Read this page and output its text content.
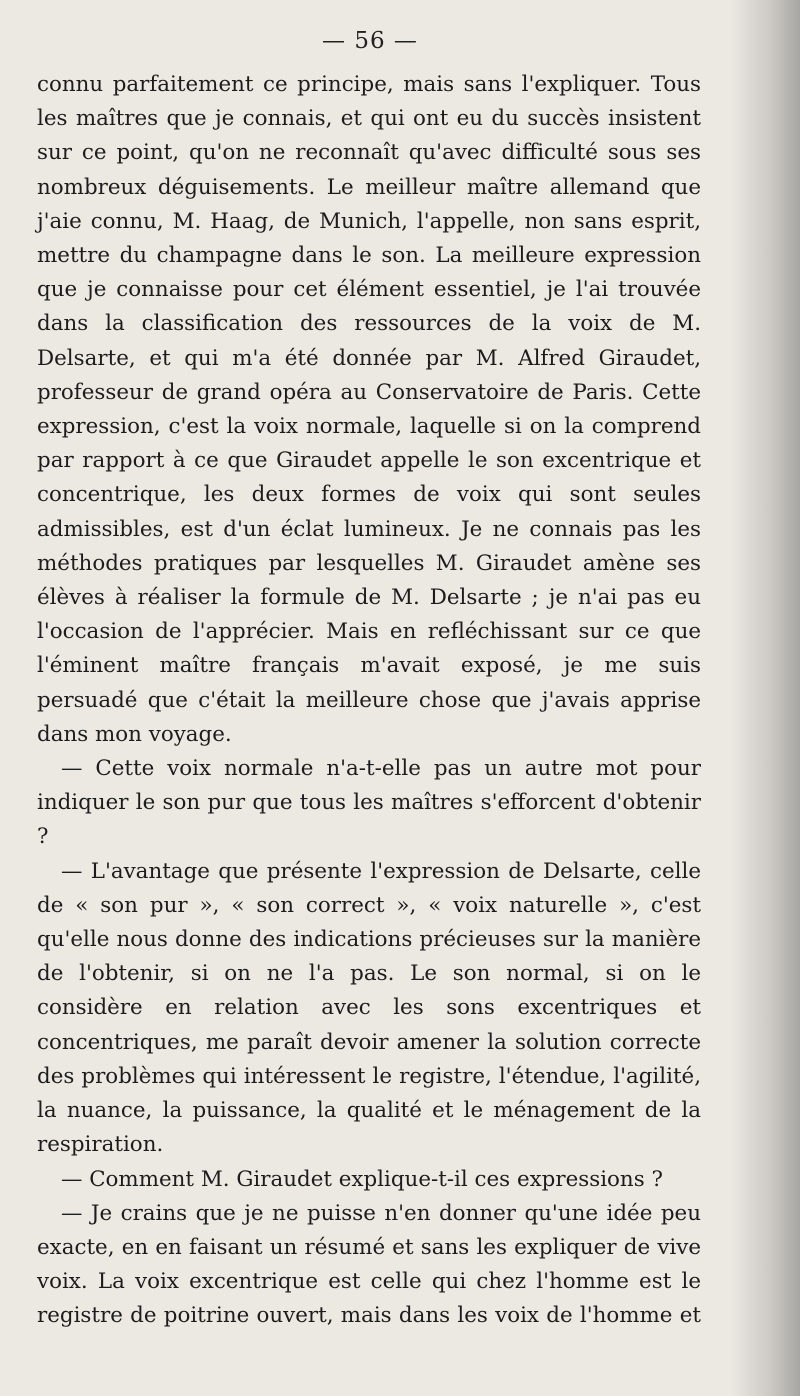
— 56 —

connu parfaitement ce principe, mais sans l'expliquer. Tous les maîtres que je connais, et qui ont eu du succès insistent sur ce point, qu'on ne reconnaît qu'avec difficulté sous ses nombreux déguisements. Le meilleur maître allemand que j'aie connu, M. Haag, de Munich, l'appelle, non sans esprit, mettre du champagne dans le son. La meilleure expression que je connaisse pour cet élément essentiel, je l'ai trouvée dans la classification des ressources de la voix de M. Delsarte, et qui m'a été donnée par M. Alfred Giraudet, professeur de grand opéra au Conservatoire de Paris. Cette expression, c'est la voix normale, laquelle si on la comprend par rapport à ce que Giraudet appelle le son excentrique et concentrique, les deux formes de voix qui sont seules admissibles, est d'un éclat lumineux. Je ne connais pas les méthodes pratiques par lesquelles M. Giraudet amène ses élèves à réaliser la formule de M. Delsarte ; je n'ai pas eu l'occasion de l'apprécier. Mais en refléchissant sur ce que l'éminent maître français m'avait exposé, je me suis persuadé que c'était la meilleure chose que j'avais apprise dans mon voyage.

— Cette voix normale n'a-t-elle pas un autre mot pour indiquer le son pur que tous les maîtres s'efforcent d'obtenir ?

— L'avantage que présente l'expression de Delsarte, celle de « son pur », « son correct », « voix naturelle », c'est qu'elle nous donne des indications précieuses sur la manière de l'obtenir, si on ne l'a pas. Le son normal, si on le considère en relation avec les sons excentriques et concentriques, me paraît devoir amener la solution correcte des problèmes qui intéressent le registre, l'étendue, l'agilité, la nuance, la puissance, la qualité et le ménagement de la respiration.

— Comment M. Giraudet explique-t-il ces expressions ?

— Je crains que je ne puisse n'en donner qu'une idée peu exacte, en en faisant un résumé et sans les expliquer de vive voix. La voix excentrique est celle qui chez l'homme est le registre de poitrine ouvert, mais dans les voix de l'homme et
